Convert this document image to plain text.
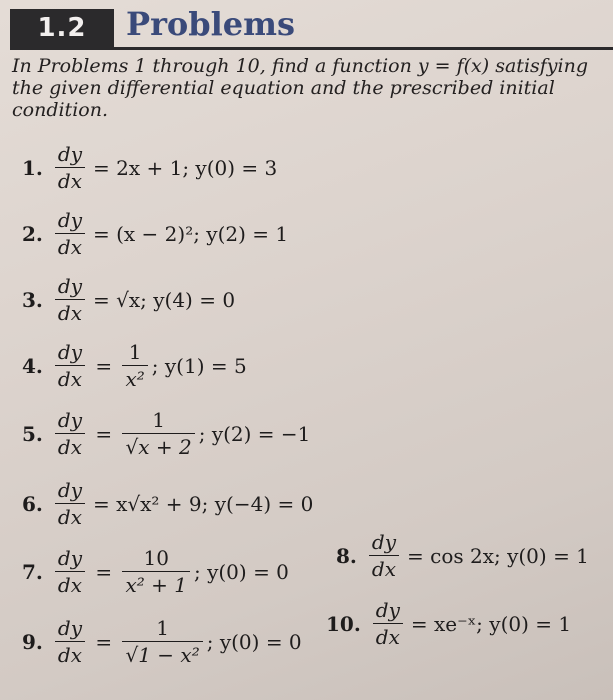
1.2	Problems
In Problems 1 through 10, find a function y = f(x) satisfying the given differential equation and the prescribed initial condition.
1. $\frac{dy}{dx} = 2x + 1$; y(0) = 3
2. $\frac{dy}{dx} = (x - 2)^2$; y(2) = 1
3. $\frac{dy}{dx} = √x$; y(4) = 0
4. $\frac{dy}{dx} = \frac{1}{\text{x²}}$ ; y(1) = 5
5. $\frac{dy}{dx} = \frac{1}{√x + 2}$ ; y(2) = −1
6. $\frac{dy}{dx} = x√x^2 + 9$; y(−4) = 0
7. $\frac{dy}{dx} = \frac{10}{\text{x² + 1}}$ ; y(0) = 0
8. $\frac{dy}{dx} = \cos 2x$; y(0) = 1
9. $\frac{dy}{dx} = \frac{1}{\text{√1 − x²}}$ ; y(0) = 0
10. $\frac{dy}{dx}$ = xe⁻ˣ; y(0) = 1
